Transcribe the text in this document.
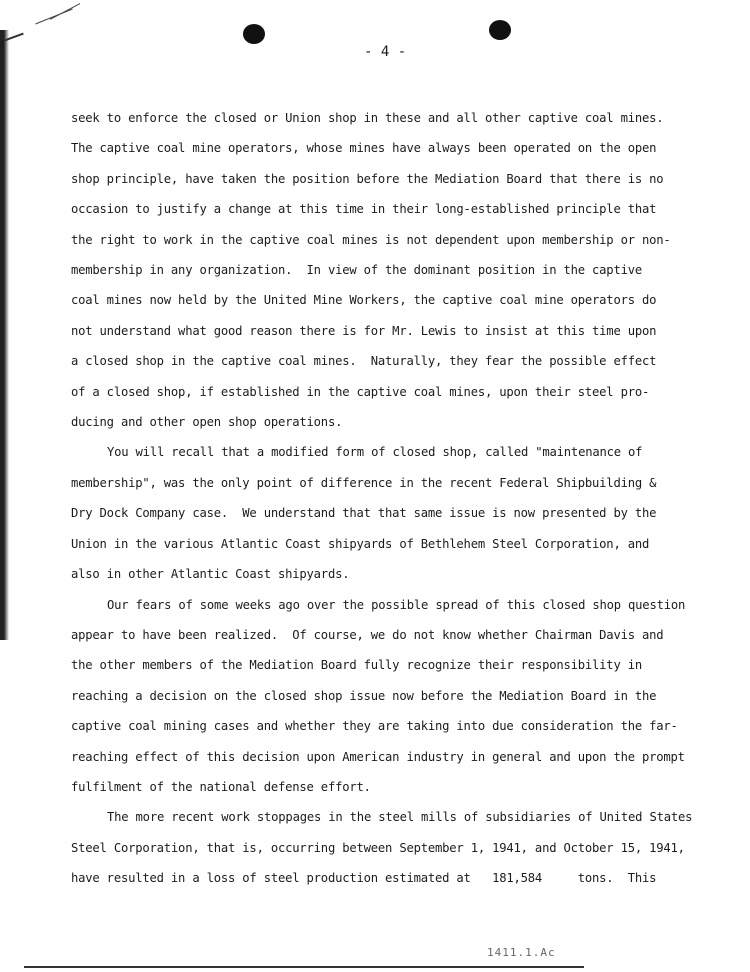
- 4 -
seek to enforce the closed or Union shop in these and all other captive coal mines.
The captive coal mine operators, whose mines have always been operated on the open
shop principle, have taken the position before the Mediation Board that there is no
occasion to justify a change at this time in their long-established principle that
the right to work in the captive coal mines is not dependent upon membership or non-
membership in any organization.  In view of the dominant position in the captive
coal mines now held by the United Mine Workers, the captive coal mine operators do
not understand what good reason there is for Mr. Lewis to insist at this time upon
a closed shop in the captive coal mines.  Naturally, they fear the possible effect
of a closed shop, if established in the captive coal mines, upon their steel pro-
ducing and other open shop operations.
You will recall that a modified form of closed shop, called "maintenance of
membership", was the only point of difference in the recent Federal Shipbuilding &
Dry Dock Company case.  We understand that that same issue is now presented by the
Union in the various Atlantic Coast shipyards of Bethlehem Steel Corporation, and
also in other Atlantic Coast shipyards.
Our fears of some weeks ago over the possible spread of this closed shop question
appear to have been realized.  Of course, we do not know whether Chairman Davis and
the other members of the Mediation Board fully recognize their responsibility in
reaching a decision on the closed shop issue now before the Mediation Board in the
captive coal mining cases and whether they are taking into due consideration the far-
reaching effect of this decision upon American industry in general and upon the prompt
fulfilment of the national defense effort.
The more recent work stoppages in the steel mills of subsidiaries of United States
Steel Corporation, that is, occurring between September 1, 1941, and October 15, 1941,
have resulted in a loss of steel production estimated at   181,584     tons.  This
1411.1.Ac
